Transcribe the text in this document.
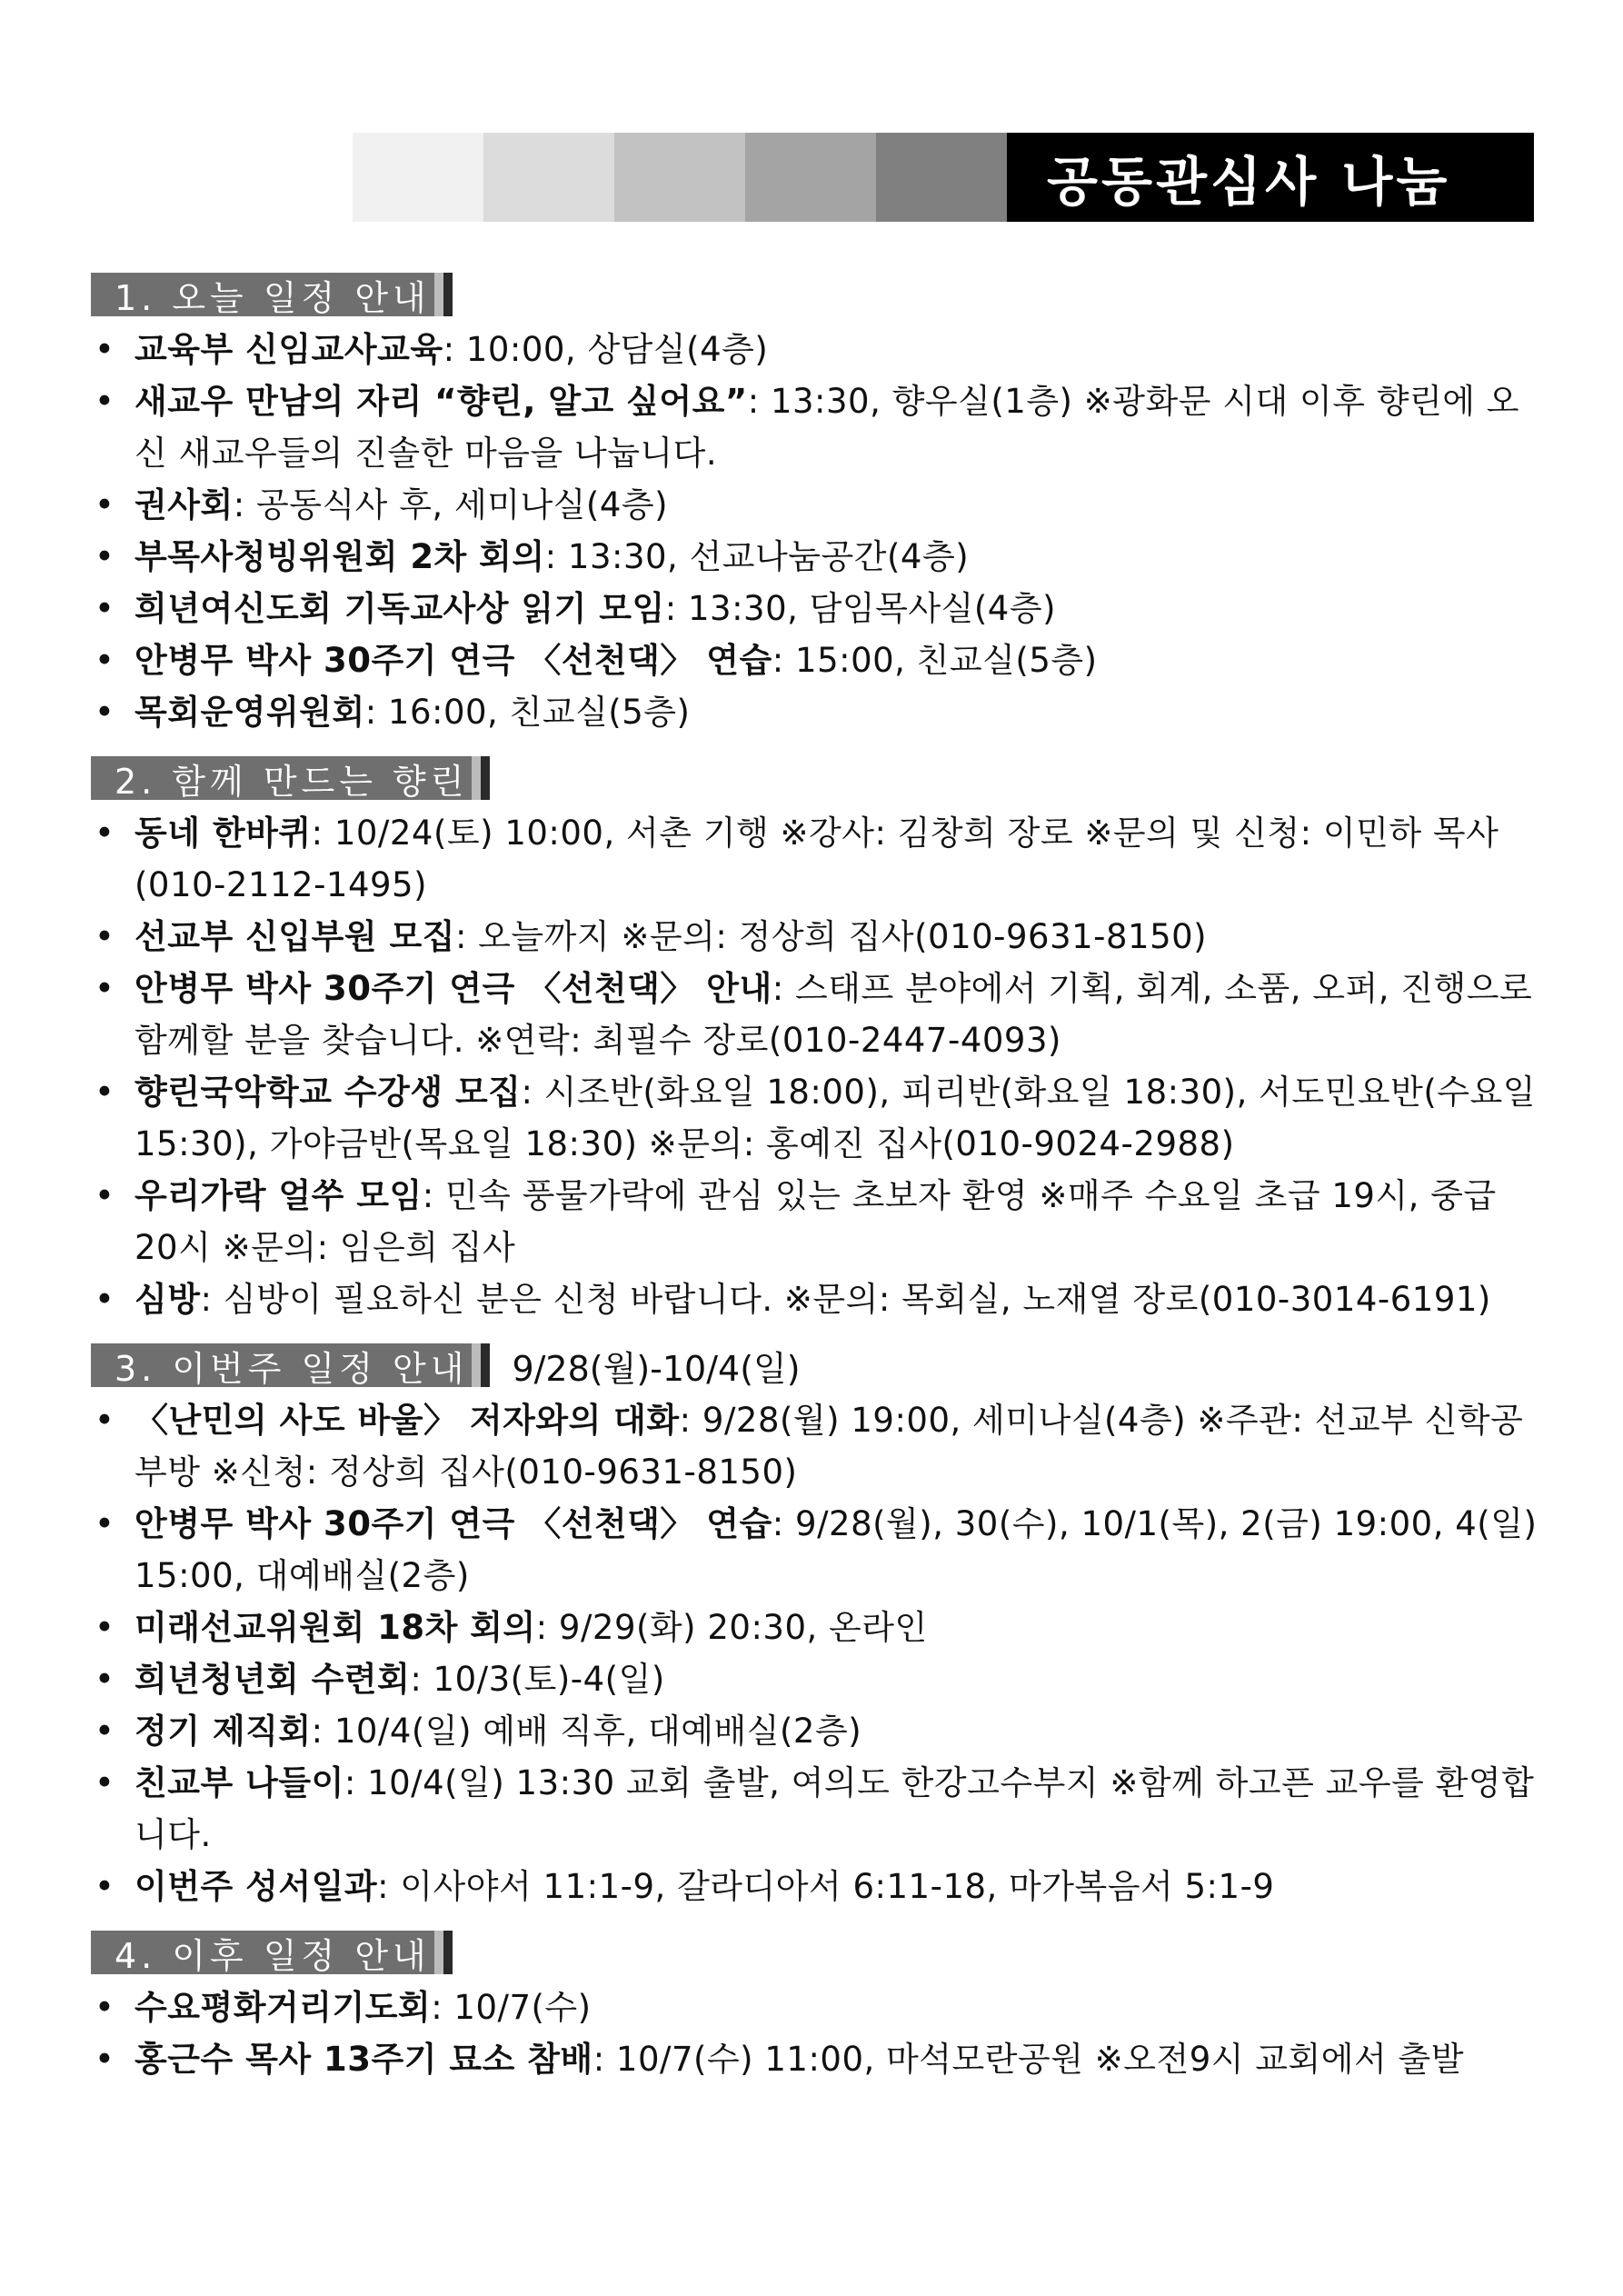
공동관심사 나눔
1. 오늘 일정 안내
• 교육부 신임교사교육: 10:00, 상담실(4층)
• 새교우 만남의 자리 “향린, 알고 싶어요”: 13:30, 향우실(1층) ※광화문 시대 이후 향린에 오신 새교우들의 진솔한 마음을 나눕니다.
• 권사회: 공동식사 후, 세미나실(4층)
• 부목사청빙위원회 2차 회의: 13:30, 선교나눔공간(4층)
• 희년여신도회 기독교사상 읽기 모임: 13:30, 담임목사실(4층)
• 안병무 박사 30주기 연극 〈선천댁〉 연습: 15:00, 친교실(5층)
• 목회운영위원회: 16:00, 친교실(5층)
2. 함께 만드는 향린
• 동네 한바퀴: 10/24(토) 10:00, 서촌 기행 ※강사: 김창희 장로 ※문의 및 신청: 이민하 목사(010-2112-1495)
• 선교부 신입부원 모집: 오늘까지 ※문의: 정상희 집사(010-9631-8150)
• 안병무 박사 30주기 연극 〈선천댁〉 안내: 스태프 분야에서 기획, 회계, 소품, 오퍼, 진행으로 함께할 분을 찾습니다. ※연락: 최필수 장로(010-2447-4093)
• 향린국악학교 수강생 모집: 시조반(화요일 18:00), 피리반(화요일 18:30), 서도민요반(수요일 15:30), 가야금반(목요일 18:30) ※문의: 홍예진 집사(010-9024-2988)
• 우리가락 얼쑤 모임: 민속 풍물가락에 관심 있는 초보자 환영 ※매주 수요일 초급 19시, 중급 20시 ※문의: 임은희 집사
• 심방: 심방이 필요하신 분은 신청 바랍니다. ※문의: 목회실, 노재열 장로(010-3014-6191)
3. 이번주 일정 안내	9/28(월)-10/4(일)
• 〈난민의 사도 바울〉 저자와의 대화: 9/28(월) 19:00, 세미나실(4층) ※주관: 선교부 신학공부방 ※신청: 정상희 집사(010-9631-8150)
• 안병무 박사 30주기 연극 〈선천댁〉 연습: 9/28(월), 30(수), 10/1(목), 2(금) 19:00, 4(일) 15:00, 대예배실(2층)
• 미래선교위원회 18차 회의: 9/29(화) 20:30, 온라인
• 희년청년회 수련회: 10/3(토)-4(일)
• 정기 제직회: 10/4(일) 예배 직후, 대예배실(2층)
• 친교부 나들이: 10/4(일) 13:30 교회 출발, 여의도 한강고수부지 ※함께 하고픈 교우를 환영합니다.
• 이번주 성서일과: 이사야서 11:1-9, 갈라디아서 6:11-18, 마가복음서 5:1-9
4. 이후 일정 안내
• 수요평화거리기도회: 10/7(수)
• 홍근수 목사 13주기 묘소 참배: 10/7(수) 11:00, 마석모란공원 ※오전9시 교회에서 출발
